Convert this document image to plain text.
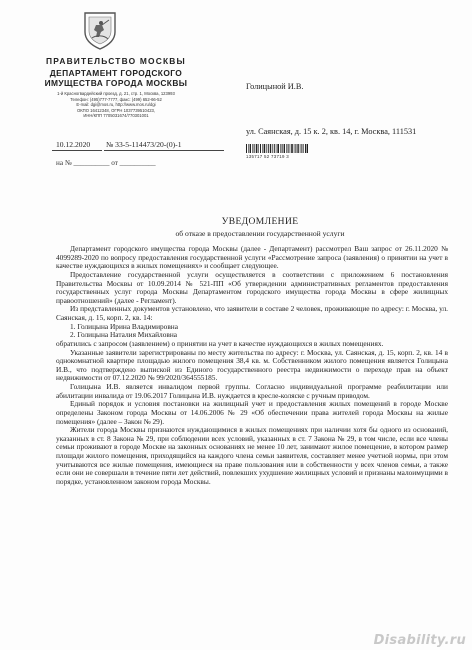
ПРАВИТЕЛЬСТВО МОСКВЫ
ДЕПАРТАМЕНТ ГОРОДСКОГО
ИМУЩЕСТВА ГОРОДА МОСКВЫ
1-й Красногвардейский проезд, д. 21, стр. 1, Москва, 123993
Телефон: (495)777-7777, факс: (499) 652-66-52
E-mail: dgi@mos.ru, http://www.mos.ru/dgi
ОКПО 16412348, ОГРН 1037739510423,
ИНН/КПП 7705031674/770301001
Голицыной И.В.
ул. Саянская, д. 15 к. 2, кв. 14, г. Москва, 111531
135717 52 73719 3
10.12.2020 № 33-5-114473/20-(0)-1
на № __________ от __________
УВЕДОМЛЕНИЕ
об отказе в предоставлении государственной услуги

Департамент городского имущества города Москвы (далее - Департамент) рассмотрел Ваш запрос от 26.11.2020 № 4099289-2020 по вопросу предоставления государственной услуги «Рассмотрение запроса (заявления) о принятии на учет в качестве нуждающихся в жилых помещениях» и сообщает следующее.

Предоставление государственной услуги осуществляется в соответствии с приложением 6 постановления Правительства Москвы от 10.09.2014 № 521-ПП «Об утверждении административных регламентов предоставления государственных услуг города Москвы Департаментом городского имущества города Москвы в сфере жилищных правоотношений» (далее - Регламент).

Из представленных документов установлено, что заявители в составе 2 человек, проживающие по адресу: г. Москва, ул. Саянская, д. 15, корп. 2, кв. 14:

1. Голицына Ирина Владимировна

2. Голицына Наталия Михайловна

обратились с запросом (заявлением) о принятии на учет в качестве нуждающихся в жилых помещениях.

Указанные заявители зарегистрированы по месту жительства по адресу: г. Москва, ул. Саянская, д. 15, корп. 2, кв. 14 в однокомнатной квартире площадью жилого помещения 38,4 кв. м. Собственником жилого помещения является Голицына И.В., что подтверждено выпиской из Единого государственного реестра недвижимости о переходе прав на объект недвижимости от 07.12.2020 № 99/2020/364555185.

Голицына И.В. является инвалидом первой группы. Согласно индивидуальной программе реабилитации или абилитации инвалида от 19.06.2017 Голицына И.В. нуждается в кресле-коляске с ручным приводом.

Единый порядок и условия постановки на жилищный учет и предоставления жилых помещений в городе Москве определены Законом города Москвы от 14.06.2006 № 29 «Об обеспечении права жителей города Москвы на жилые помещения» (далее – Закон № 29).

Жители города Москвы признаются нуждающимися в жилых помещениях при наличии хотя бы одного из оснований, указанных в ст. 8 Закона № 29, при соблюдении всех условий, указанных в ст. 7 Закона № 29, в том числе, если все члены семьи проживают в городе Москве на законных основаниях не менее 10 лет, занимают жилое помещение, в котором размер площади жилого помещения, приходящийся на каждого члена семьи заявителя, составляет менее учетной нормы, при этом учитываются все жилые помещения, имеющиеся на праве пользования или в собственности у всех членов семьи, а также если они не совершали в течение пяти лет действий, повлекших ухудшение жилищных условий и признаны малоимущими в порядке, установленном законом города Москвы.

Disability.ru
